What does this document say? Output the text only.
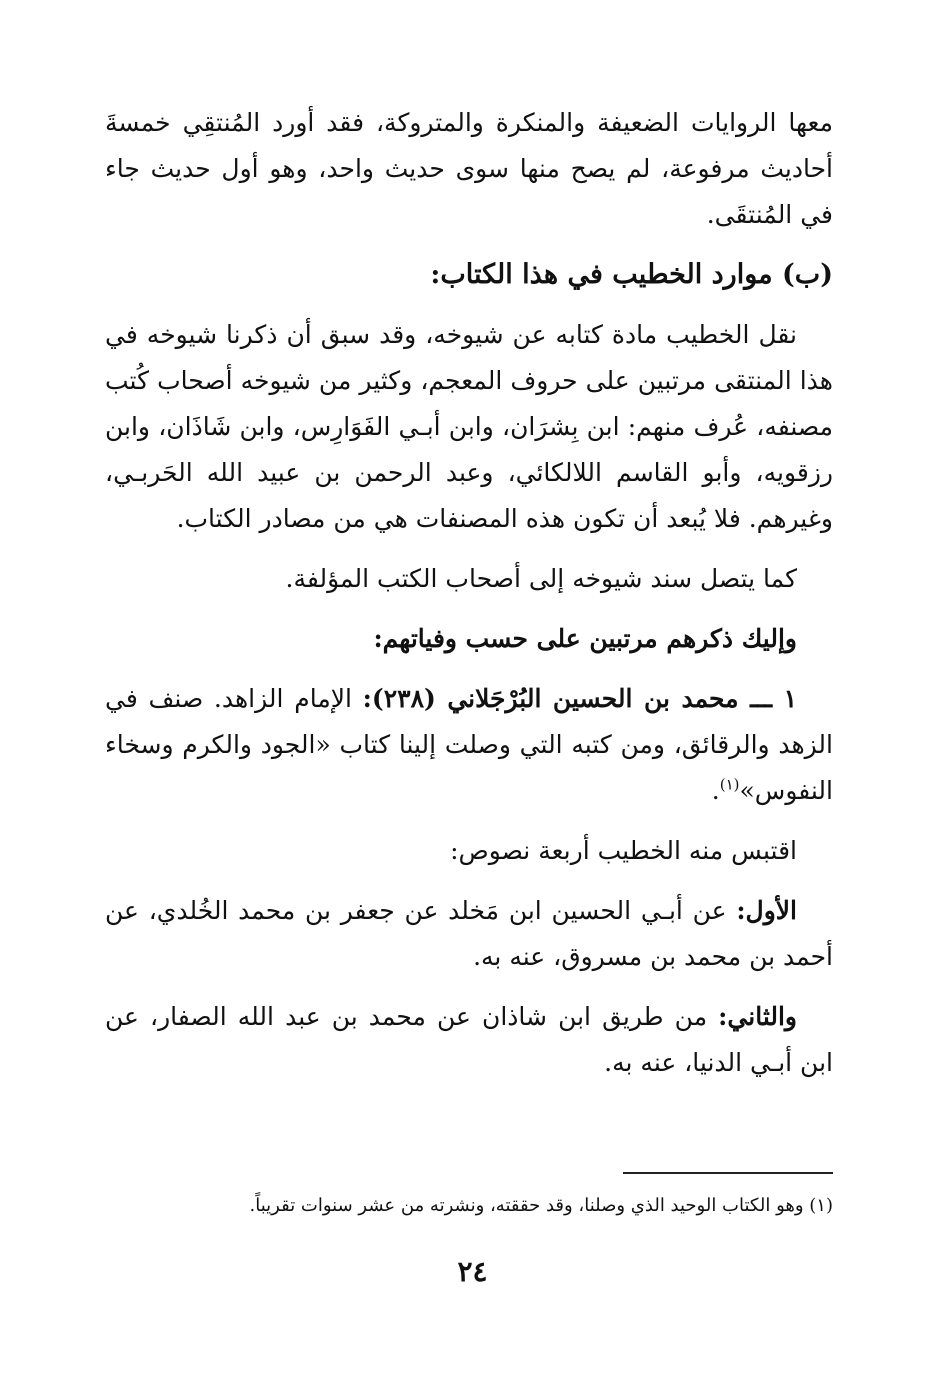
معها الروايات الضعيفة والمنكرة والمتروكة، فقد أورد المُنتقِي خمسةَ أحاديث مرفوعة، لم يصح منها سوى حديث واحد، وهو أول حديث جاء في المُنتقَى.

(ب) موارد الخطيب في هذا الكتاب:

نقل الخطيب مادة كتابه عن شيوخه، وقد سبق أن ذكرنا شيوخه في هذا المنتقى مرتبين على حروف المعجم، وكثير من شيوخه أصحاب كُتب مصنفه، عُرف منهم: ابن بِشرَان، وابن أبـي الفَوَارِس، وابن شَاذَان، وابن رزقويه، وأبو القاسم اللالكائي، وعبد الرحمن بن عبيد الله الحَربـي، وغيرهم. فلا يُبعد أن تكون هذه المصنفات هي من مصادر الكتاب.

كما يتصل سند شيوخه إلى أصحاب الكتب المؤلفة.

وإليك ذكرهم مرتبين على حسب وفياتهم:

١ ـــ محمد بن الحسين البُرْجَلاني (٢٣٨): الإمام الزاهد. صنف في الزهد والرقائق، ومن كتبه التي وصلت إلينا كتاب «الجود والكرم وسخاء النفوس»$^{(١)}$.

اقتبس منه الخطيب أربعة نصوص:

الأول: عن أبـي الحسين ابن مَخلد عن جعفر بن محمد الخُلدي، عن أحمد بن محمد بن مسروق، عنه به.

والثاني: من طريق ابن شاذان عن محمد بن عبد الله الصفار، عن ابن أبـي الدنيا، عنه به.

(١) وهو الكتاب الوحيد الذي وصلنا، وقد حققته، ونشرته من عشر سنوات تقريباً.
٢٤
